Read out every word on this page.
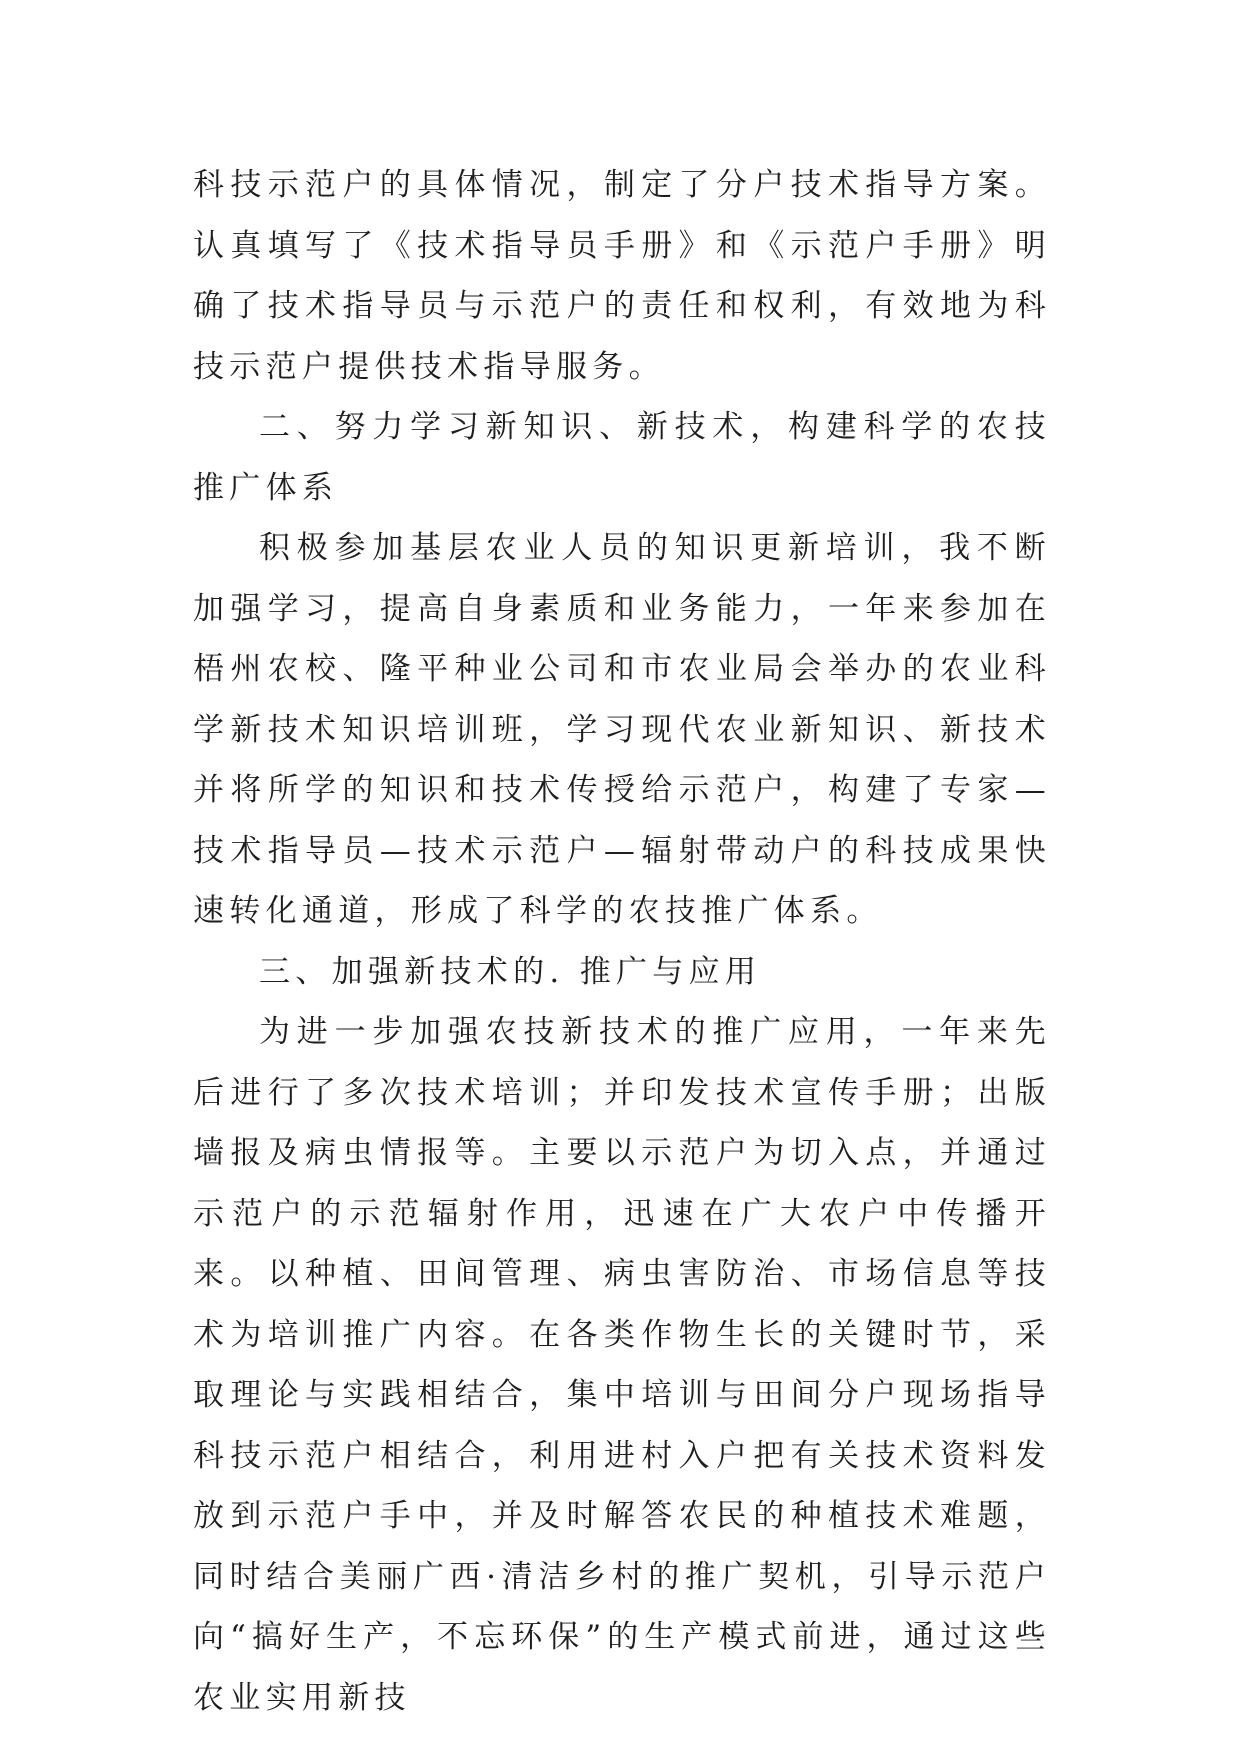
科技示范户的具体情况，制定了分户技术指导方案。认真填写了《技术指导员手册》和《示范户手册》明确了技术指导员与示范户的责任和权利，有效地为科技示范户提供技术指导服务。

二、努力学习新知识、新技术，构建科学的农技推广体系

积极参加基层农业人员的知识更新培训，我不断加强学习，提高自身素质和业务能力，一年来参加在梧州农校、隆平种业公司和市农业局会举办的农业科学新技术知识培训班，学习现代农业新知识、新技术并将所学的知识和技术传授给示范户，构建了专家—技术指导员—技术示范户—辐射带动户的科技成果快速转化通道，形成了科学的农技推广体系。

三、加强新技术的. 推广与应用

为进一步加强农技新技术的推广应用，一年来先后进行了多次技术培训；并印发技术宣传手册；出版墙报及病虫情报等。主要以示范户为切入点，并通过示范户的示范辐射作用，迅速在广大农户中传播开来。以种植、田间管理、病虫害防治、市场信息等技术为培训推广内容。在各类作物生长的关键时节，采取理论与实践相结合，集中培训与田间分户现场指导科技示范户相结合，利用进村入户把有关技术资料发放到示范户手中，并及时解答农民的种植技术难题，同时结合美丽广西·清洁乡村的推广契机，引导示范户向“搞好生产，不忘环保”的生产模式前进，通过这些农业实用新技
